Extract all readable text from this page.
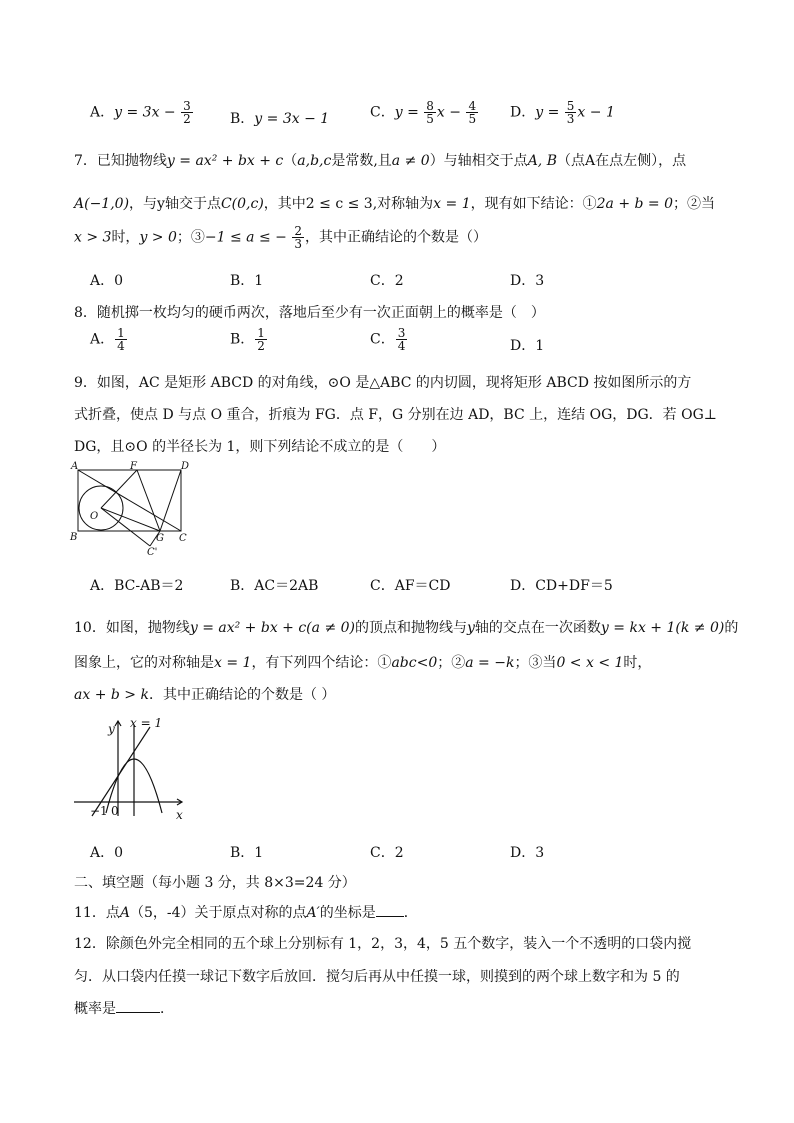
A．$y = 3x - \frac{3}{2}$	B．y = 3x − 1	C．$y = \frac{8}{5}$ $x - \frac{4}{5}$ D．$y = \frac{5}{3}$ x − 1
7．已知抛物线y = ax² + bx + c（a,b,c是常数,且a ≠ 0）与轴相交于点A, B（点A在点左侧），点
A(−1,0)，与y轴交于点C(0,c)，其中2 ≤ c ≤ 3,对称轴为x = 1，现有如下结论：①2a + b = 0；②当
x > 3时，y > 0；③−1 ≤ a ≤ − $\frac{2}{3}$ ，其中正确结论的个数是（）
A．0	B．1	C．2	D．3
8．随机掷一枚均匀的硬币两次，落地后至少有一次正面朝上的概率是（　）
A． $\frac{1}{4}$	B． $\frac{1}{2}$	C． $\frac{3}{4}$	D．1
9．如图，AC 是矩形 ABCD 的对角线，⊙O 是△ABC 的内切圆，现将矩形 ABCD 按如图所示的方
式折叠，使点 D 与点 O 重合，折痕为 FG．点 F，G 分别在边 AD，BC 上，连结 OG，DG．若 OG⊥
DG，且⊙O 的半径长为 1，则下列结论不成立的是（　　）
A	F	D
O
B	G C
C'
A．BC-AB＝2	B．AC＝2AB	C．AF＝CD	D．CD+DF＝5
10．如图，抛物线y = ax² + bx + c(a ≠ 0)的顶点和抛物线与y轴的交点在一次函数y = kx + 1(k ≠ 0)的
图象上，它的对称轴是x = 1，有下列四个结论：①abc<0；②a = −k；③当0 < x < 1时，
ax + b > k．其中正确结论的个数是（ ）
y x = 1
x
−1 0
A．0	B．1	C．2	D．3
二、填空题（每小题 3 分，共 8×3=24 分）
11．点A（5，-4）关于原点对称的点A′的坐标是 ．
12．除颜色外完全相同的五个球上分别标有 1，2，3，4，5 五个数字，装入一个不透明的口袋内搅
匀．从口袋内任摸一球记下数字后放回．搅匀后再从中任摸一球，则摸到的两个球上数字和为 5 的
概率是	．
